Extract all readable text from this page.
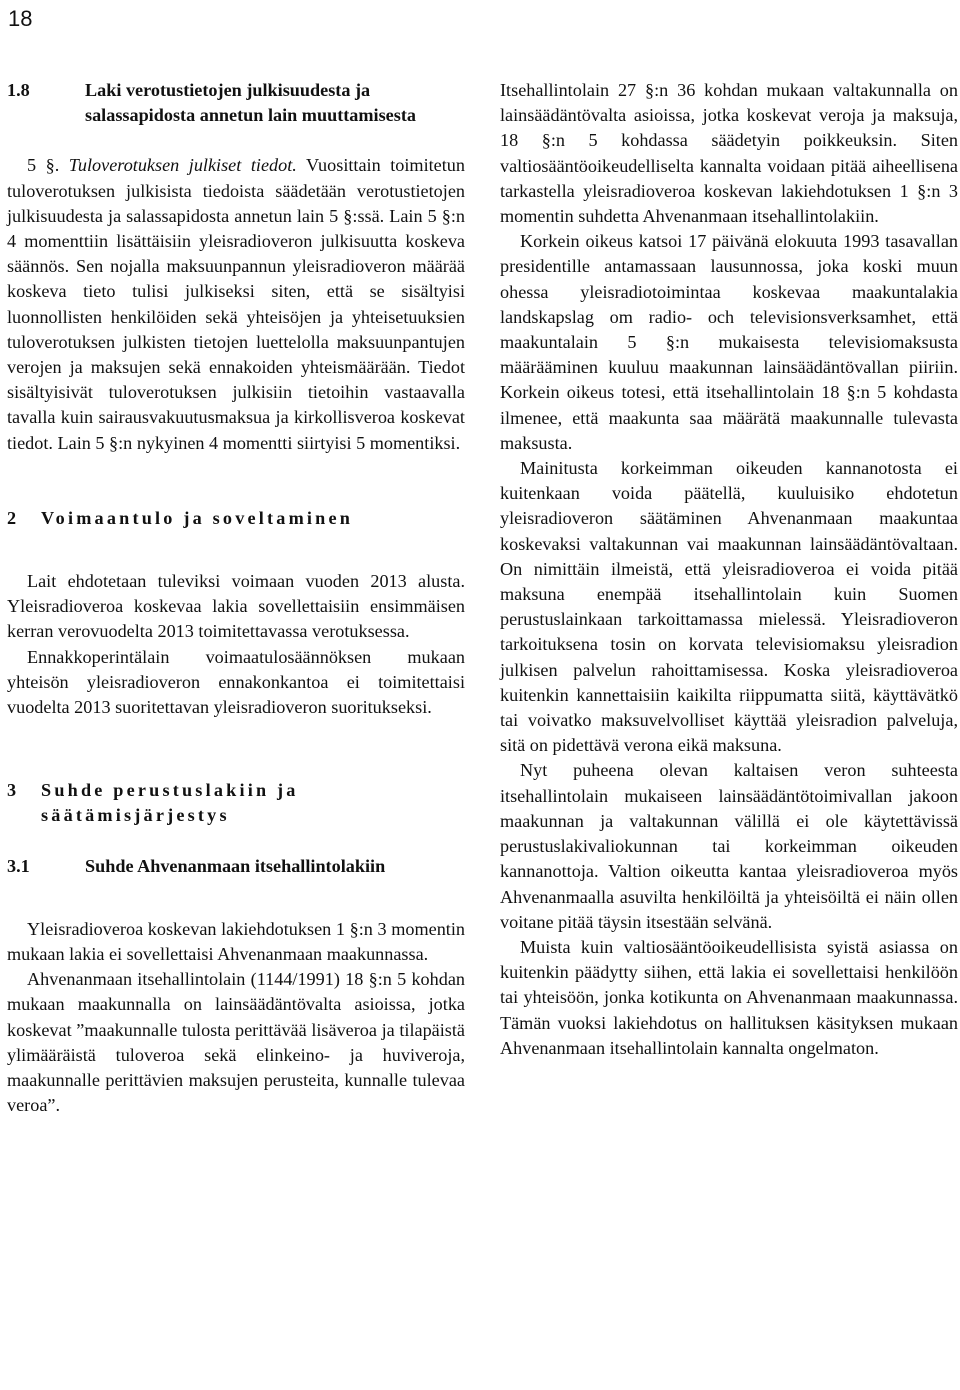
18
1.8	Laki verotustietojen julkisuudesta ja salassapidosta annetun lain muuttamisesta

5 §. Tuloverotuksen julkiset tiedot. Vuosittain toimitetun tuloverotuksen julkisista tiedoista säädetään verotustietojen julkisuudesta ja salassapidosta annetun lain 5 §:ssä. Lain 5 §:n 4 momenttiin lisättäisiin yleisradioveron julkisuutta koskeva säännös. Sen nojalla maksuunpannun yleisradioveron määrää koskeva tieto tulisi julkiseksi siten, että se sisältyisi luonnollisten henkilöiden sekä yhteisöjen ja yhteisetuuksien tuloverotuksen julkisten tietojen luettelolla maksuunpantujen verojen ja maksujen sekä ennakoiden yhteismäärään. Tiedot sisältyisivät tuloverotuksen julkisiin tietoihin vastaavalla tavalla kuin sairausvakuutusmaksua ja kirkollisveroa koskevat tiedot. Lain 5 §:n nykyinen 4 momentti siirtyisi 5 momentiksi.

2	Voimaantulo ja soveltaminen

Lait ehdotetaan tuleviksi voimaan vuoden 2013 alusta. Yleisradioveroa koskevaa lakia sovellettaisiin ensimmäisen kerran verovuodelta 2013 toimitettavassa verotuksessa.

Ennakkoperintälain voimaatulosäännöksen mukaan yhteisön yleisradioveron ennakonkantoa ei toimitettaisi vuodelta 2013 suoritettavan yleisradioveron suoritukseksi.

3	Suhde perustuslakiin ja säätämisjärjestys
3.1	Suhde Ahvenanmaan itsehallintolakiin

Yleisradioveroa koskevan lakiehdotuksen 1 §:n 3 momentin mukaan lakia ei sovellettaisi Ahvenanmaan maakunnassa.

Ahvenanmaan itsehallintolain (1144/1991) 18 §:n 5 kohdan mukaan maakunnalla on lainsäädäntövalta asioissa, jotka koskevat ”maakunnalle tulosta perittävää lisäveroa ja tilapäistä ylimääräistä tuloveroa sekä elinkeino- ja huviveroja, maakunnalle perittävien maksujen perusteita, kunnalle tulevaa veroa”.

Itsehallintolain 27 §:n 36 kohdan mukaan valtakunnalla on lainsäädäntövalta asioissa, jotka koskevat veroja ja maksuja, 18 §:n 5 kohdassa säädetyin poikkeuksin. Siten valtiosääntöoikeudelliselta kannalta voidaan pitää aiheellisena tarkastella yleisradioveroa koskevan lakiehdotuksen 1 §:n 3 momentin suhdetta Ahvenanmaan itsehallintolakiin.

Korkein oikeus katsoi 17 päivänä elokuuta 1993 tasavallan presidentille antamassaan lausunnossa, joka koski muun ohessa yleisradiotoimintaa koskevaa maakuntalakia landskapslag om radio- och televisionsverksamhet, että maakuntalain 5 §:n mukaisesta televisiomaksusta määrääminen kuuluu maakunnan lainsäädäntövallan piiriin. Korkein oikeus totesi, että itsehallintolain 18 §:n 5 kohdasta ilmenee, että maakunta saa määrätä maakunnalle tulevasta maksusta.

Mainitusta korkeimman oikeuden kannanotosta ei kuitenkaan voida päätellä, kuuluisiko ehdotetun yleisradioveron säätäminen Ahvenanmaan maakuntaa koskevaksi valtakunnan vai maakunnan lainsäädäntövaltaan. On nimittäin ilmeistä, että yleisradioveroa ei voida pitää maksuna enempää itsehallintolain kuin Suomen perustuslainkaan tarkoittamassa mielessä. Yleisradioveron tarkoituksena tosin on korvata televisiomaksu yleisradion julkisen palvelun rahoittamisessa. Koska yleisradioveroa kuitenkin kannettaisiin kaikilta riippumatta siitä, käyttävätkö tai voivatko maksuvelvolliset käyttää yleisradion palveluja, sitä on pidettävä verona eikä maksuna.

Nyt puheena olevan kaltaisen veron suhteesta itsehallintolain mukaiseen lainsäädäntötoimivallan jakoon maakunnan ja valtakunnan välillä ei ole käytettävissä perustuslakivaliokunnan tai korkeimman oikeuden kannanottoja. Valtion oikeutta kantaa yleisradioveroa myös Ahvenanmaalla asuvilta henkilöiltä ja yhteisöiltä ei näin ollen voitane pitää täysin itsestään selvänä.

Muista kuin valtiosääntöoikeudellisista syistä asiassa on kuitenkin päädytty siihen, että lakia ei sovellettaisi henkilöön tai yhteisöön, jonka kotikunta on Ahvenanmaan maakunnassa. Tämän vuoksi lakiehdotus on hallituksen käsityksen mukaan Ahvenanmaan itsehallintolain kannalta ongelmaton.
